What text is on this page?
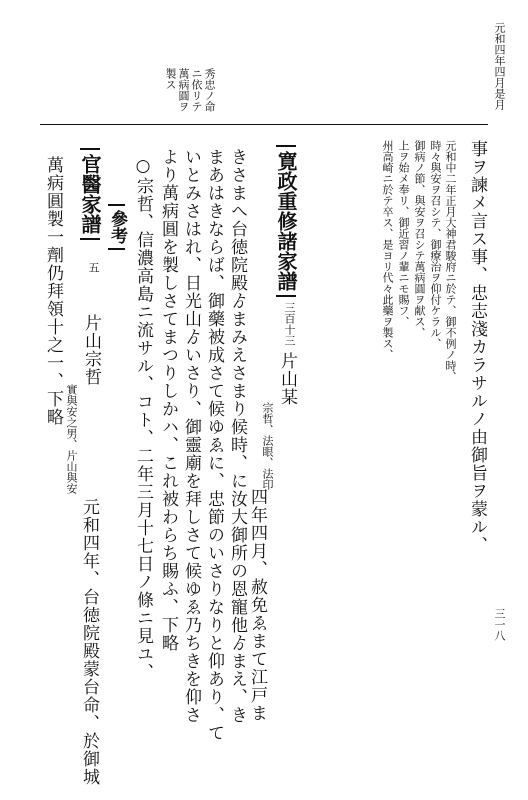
元和四年四月是月
三一八
秀忠ノ命
ニ依リテ
萬病圓ヲ
製ス
事ヲ諫メ言ス事、忠志淺カラサルノ由御旨ヲ蒙ル、
元和中二年正月大神君駿府ニ於テ、御不例ノ時、
時々與安ヲ召シテ、御療治ヲ仰付ケラル、
御病ノ節、與安ヲ召シテ萬病圓ヲ献ス、
上ヲ始メ奉リ、御近習ノ輩ニモ賜フ、
州高崎ニ於テ卒ス、是ヨリ代々此藥ヲ製ス、
寛政重修諸家譜
三百十三
片山某
宗哲、法眼、法印
四年四月、赦免ゑまて江戸ま
きさまへ台徳院殿ゟまみえさまり候時、に汝大御所の恩寵他ゟまえ、き
まあはきならば、御藥被成さて候ゆゑに、忠節のいさりなりと仰あり、て
いとみさはれ、日光山ゟいさり、御靈廟を拜しさて候ゆゑ乃ちきを仰さ
より萬病圓を製しさてまつりしかハ、これ被わらち賜ふ、下略
○宗哲、信濃高島ニ流サル、コト、二年三月十七日ノ條ニ見ユ、
參考
官醫家譜
五
片山宗哲
實與安之男、片山與安
元和四年、台徳院殿蒙台命、於御城
萬病圓製一劑仍拜領十之一、下略
